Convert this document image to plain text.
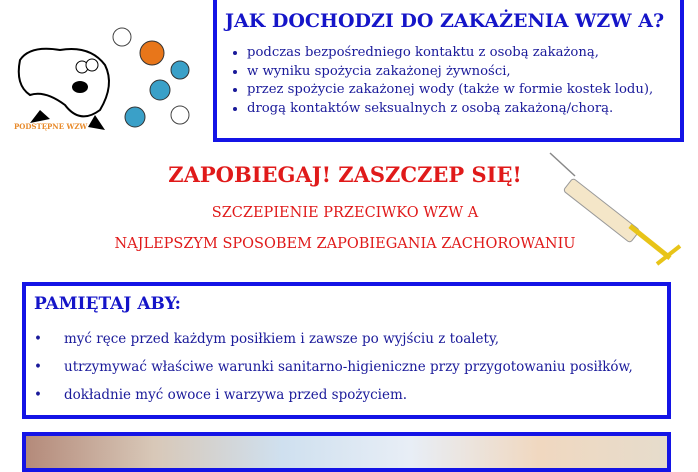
PODSTĘPNE WZW
JAK DOCHODZI DO ZAKAŻENIA WZW A?
• podczas bezpośredniego kontaktu z osobą zakażoną,
• w wyniku spożycia zakażonej żywności,
• przez spożycie zakażonej wody (także w formie kostek lodu),
• drogą kontaktów seksualnych z osobą zakażoną/chorą.
ZAPOBIEGAJ! ZASZCZEP SIĘ!
SZCZEPIENIE PRZECIWKO WZW A
NAJLEPSZYM SPOSOBEM ZAPOBIEGANIA ZACHOROWANIU
PAMIĘTAJ ABY:
• myć ręce przed każdym posiłkiem i zawsze po wyjściu z toalety,
• utrzymywać właściwe warunki sanitarno-higieniczne przy przygotowaniu posiłków,
• dokładnie myć owoce i warzywa przed spożyciem.
